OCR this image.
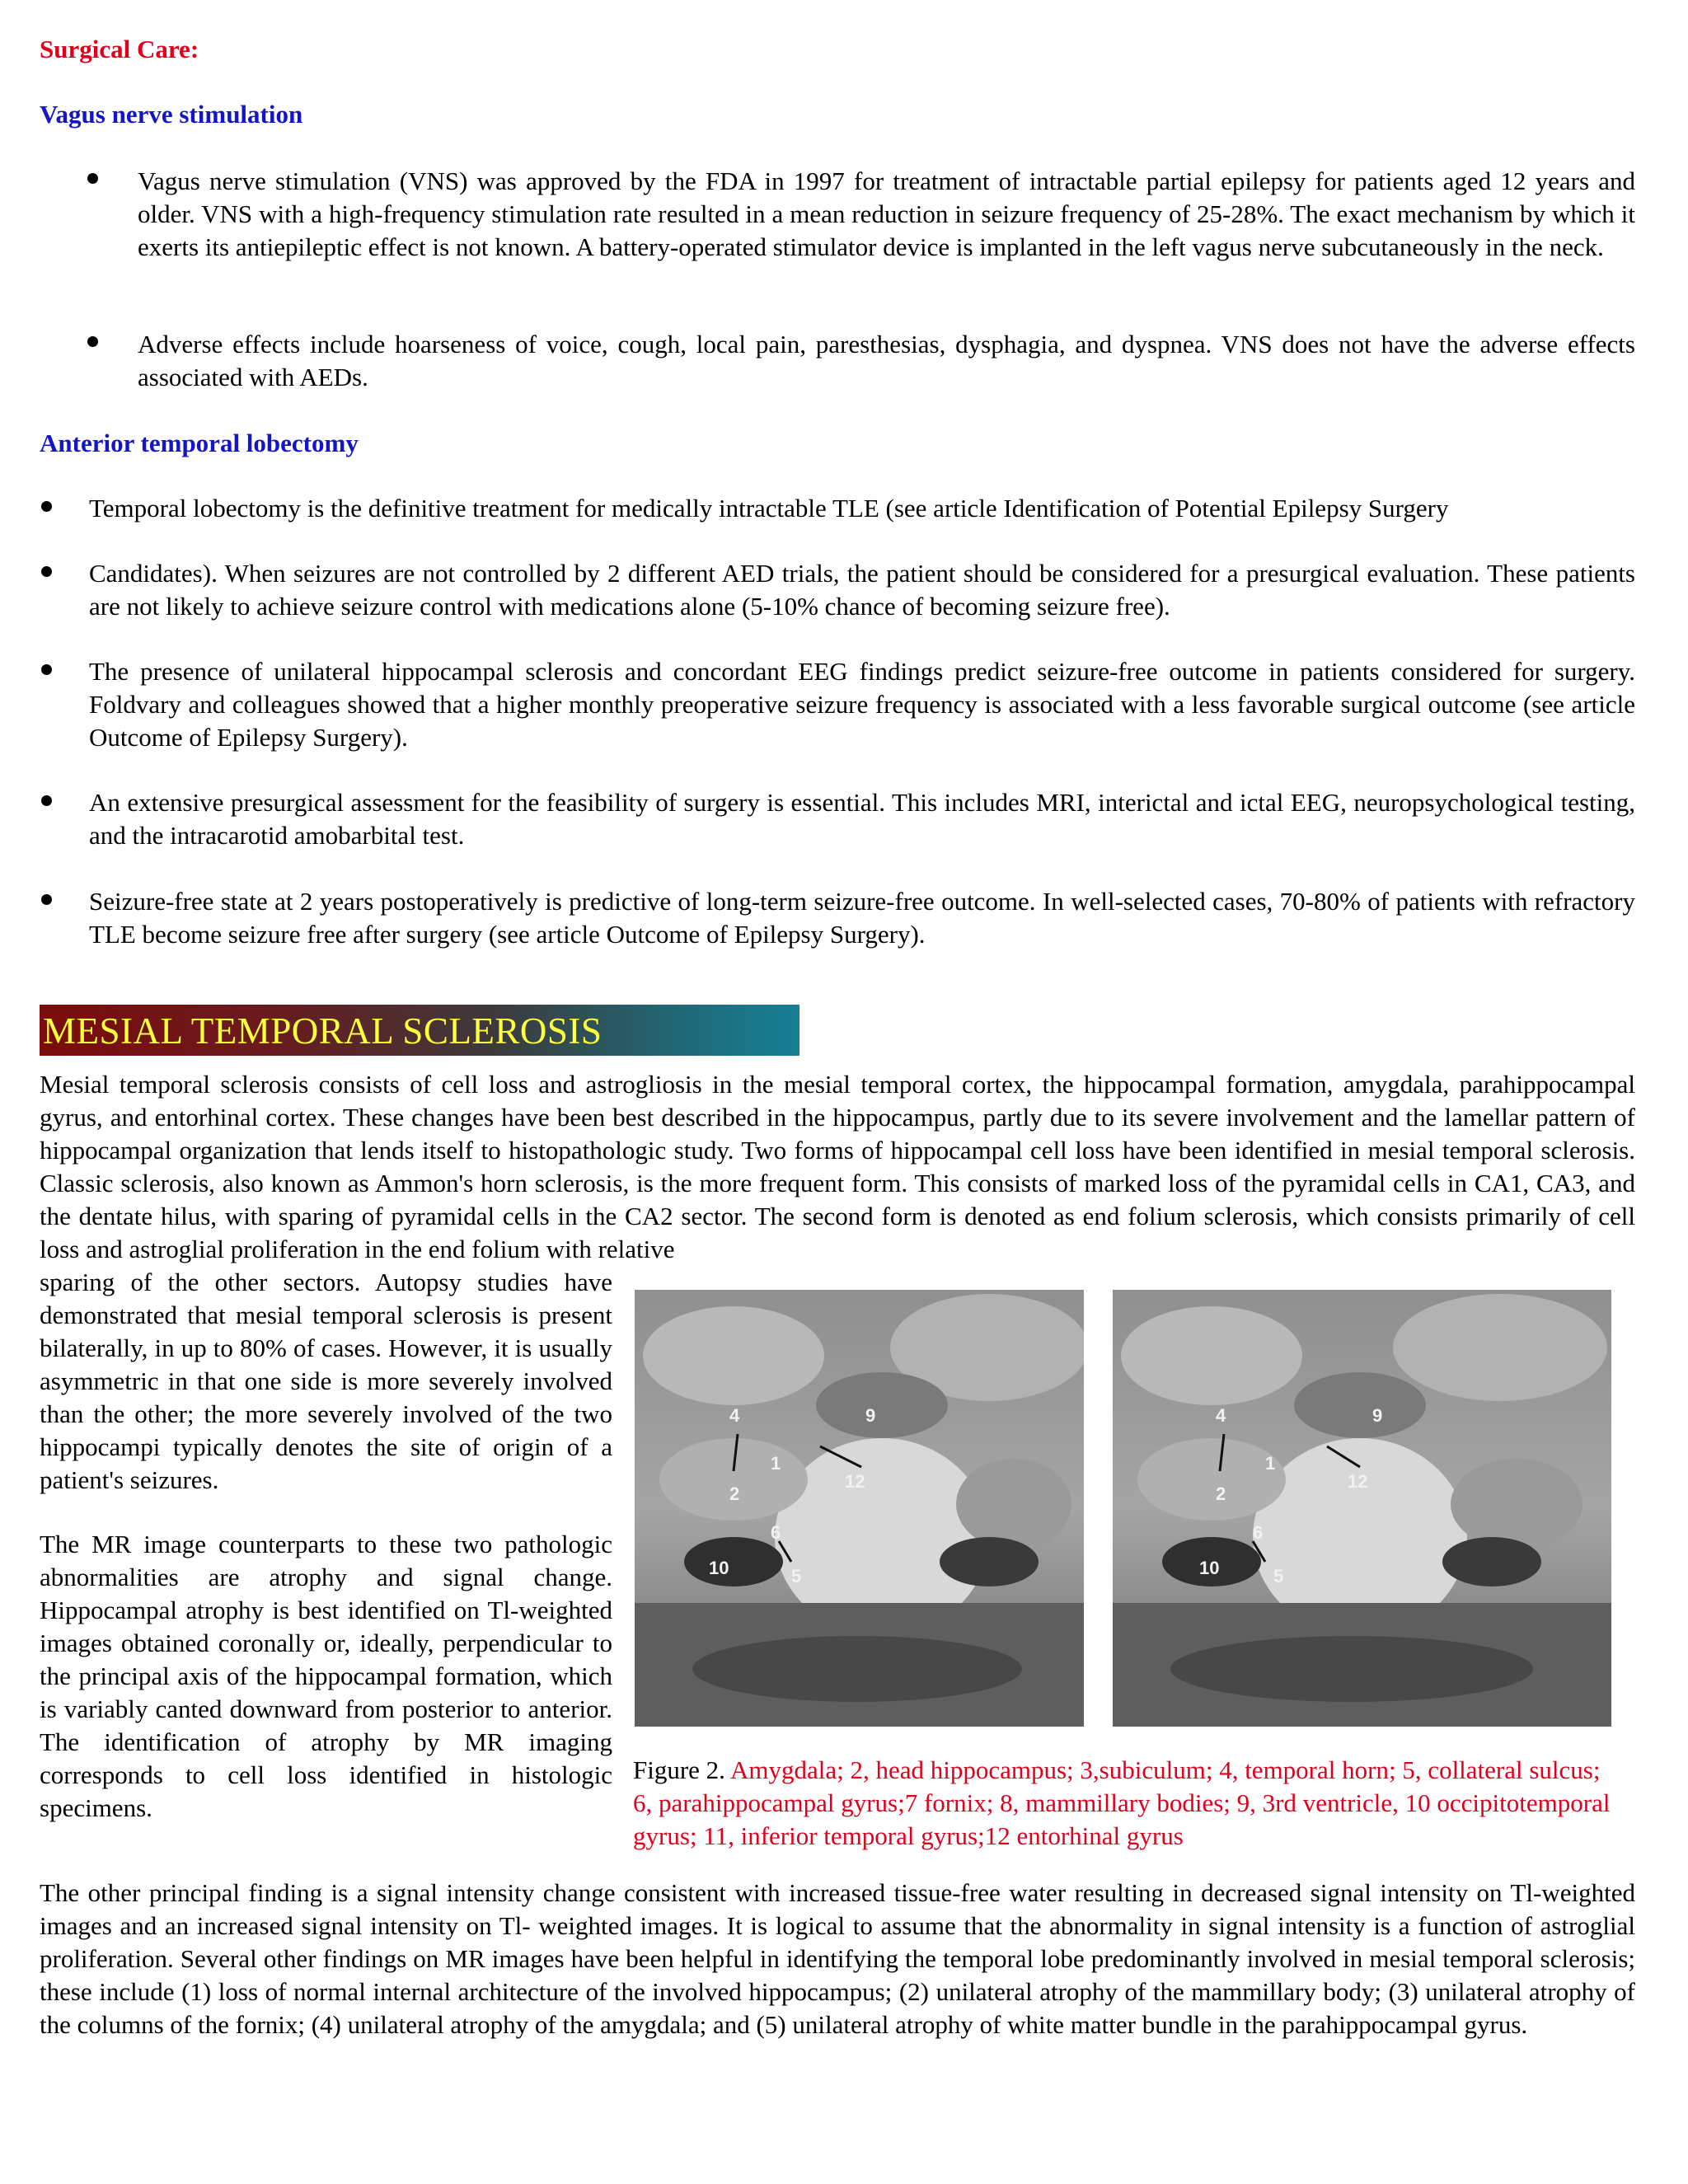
Surgical Care:
Vagus nerve stimulation
Vagus nerve stimulation (VNS) was approved by the FDA in 1997 for treatment of intractable partial epilepsy for patients aged 12 years and older. VNS with a high-frequency stimulation rate resulted in a mean reduction in seizure frequency of 25-28%. The exact mechanism by which it exerts its antiepileptic effect is not known. A battery-operated stimulator device is implanted in the left vagus nerve subcutaneously in the neck.
Adverse effects include hoarseness of voice, cough, local pain, paresthesias, dysphagia, and dyspnea. VNS does not have the adverse effects associated with AEDs.
Anterior temporal lobectomy
Temporal lobectomy is the definitive treatment for medically intractable TLE (see article Identification of Potential Epilepsy Surgery
Candidates). When seizures are not controlled by 2 different AED trials, the patient should be considered for a presurgical evaluation. These patients are not likely to achieve seizure control with medications alone (5-10% chance of becoming seizure free).
The presence of unilateral hippocampal sclerosis and concordant EEG findings predict seizure-free outcome in patients considered for surgery. Foldvary and colleagues showed that a higher monthly preoperative seizure frequency is associated with a less favorable surgical outcome (see article Outcome of Epilepsy Surgery).
An extensive presurgical assessment for the feasibility of surgery is essential. This includes MRI, interictal and ictal EEG, neuropsychological testing, and the intracarotid amobarbital test.
Seizure-free state at 2 years postoperatively is predictive of long-term seizure-free outcome. In well-selected cases, 70-80% of patients with refractory TLE become seizure free after surgery (see article Outcome of Epilepsy Surgery).
MESIAL TEMPORAL SCLEROSIS
Mesial temporal sclerosis consists of cell loss and astrogliosis in the mesial temporal cortex, the hippocampal formation, amygdala, parahippocampal gyrus, and entorhinal cortex. These changes have been best described in the hippocampus, partly due to its severe involvement and the lamellar pattern of hippocampal organization that lends itself to histopathologic study. Two forms of hippocampal cell loss have been identified in mesial temporal sclerosis. Classic sclerosis, also known as Ammon's horn sclerosis, is the more frequent form. This consists of marked loss of the pyramidal cells in CA1, CA3, and the dentate hilus, with sparing of pyramidal cells in the CA2 sector. The second form is denoted as end folium sclerosis, which consists primarily of cell loss and astroglial proliferation in the end folium with relative
sparing of the other sectors. Autopsy studies have demonstrated that mesial temporal sclerosis is present bilaterally, in up to 80% of cases. However, it is usually asymmetric in that one side is more severely involved than the other; the more severely involved of the two hippocampi typically denotes the site of origin of a patient's seizures.
The MR image counterparts to these two pathologic abnormalities are atrophy and signal change. Hippocampal atrophy is best identified on Tl-weighted images obtained coronally or, ideally, perpendicular to the principal axis of the hippocampal formation, which is variably canted downward from posterior to anterior. The identification of atrophy by MR imaging corresponds to cell loss identified in histologic specimens.
4	9
1
12
2
6
10	5
4	9
1
12
2
6
10	5
Figure 2. Amygdala; 2, head hippocampus; 3,subiculum; 4, temporal horn; 5, collateral sulcus; 6, parahippocampal gyrus;7 fornix; 8, mammillary bodies; 9, 3rd ventricle, 10 occipitotemporal gyrus; 11, inferior temporal gyrus;12 entorhinal gyrus
The other principal finding is a signal intensity change consistent with increased tissue-free water resulting in decreased signal intensity on Tl-weighted images and an increased signal intensity on Tl- weighted images. It is logical to assume that the abnormality in signal intensity is a function of astroglial proliferation. Several other findings on MR images have been helpful in identifying the temporal lobe predominantly involved in mesial temporal sclerosis; these include (1) loss of normal internal architecture of the involved hippocampus; (2) unilateral atrophy of the mammillary body; (3) unilateral atrophy of the columns of the fornix; (4) unilateral atrophy of the amygdala; and (5) unilateral atrophy of white matter bundle in the parahippocampal gyrus.
